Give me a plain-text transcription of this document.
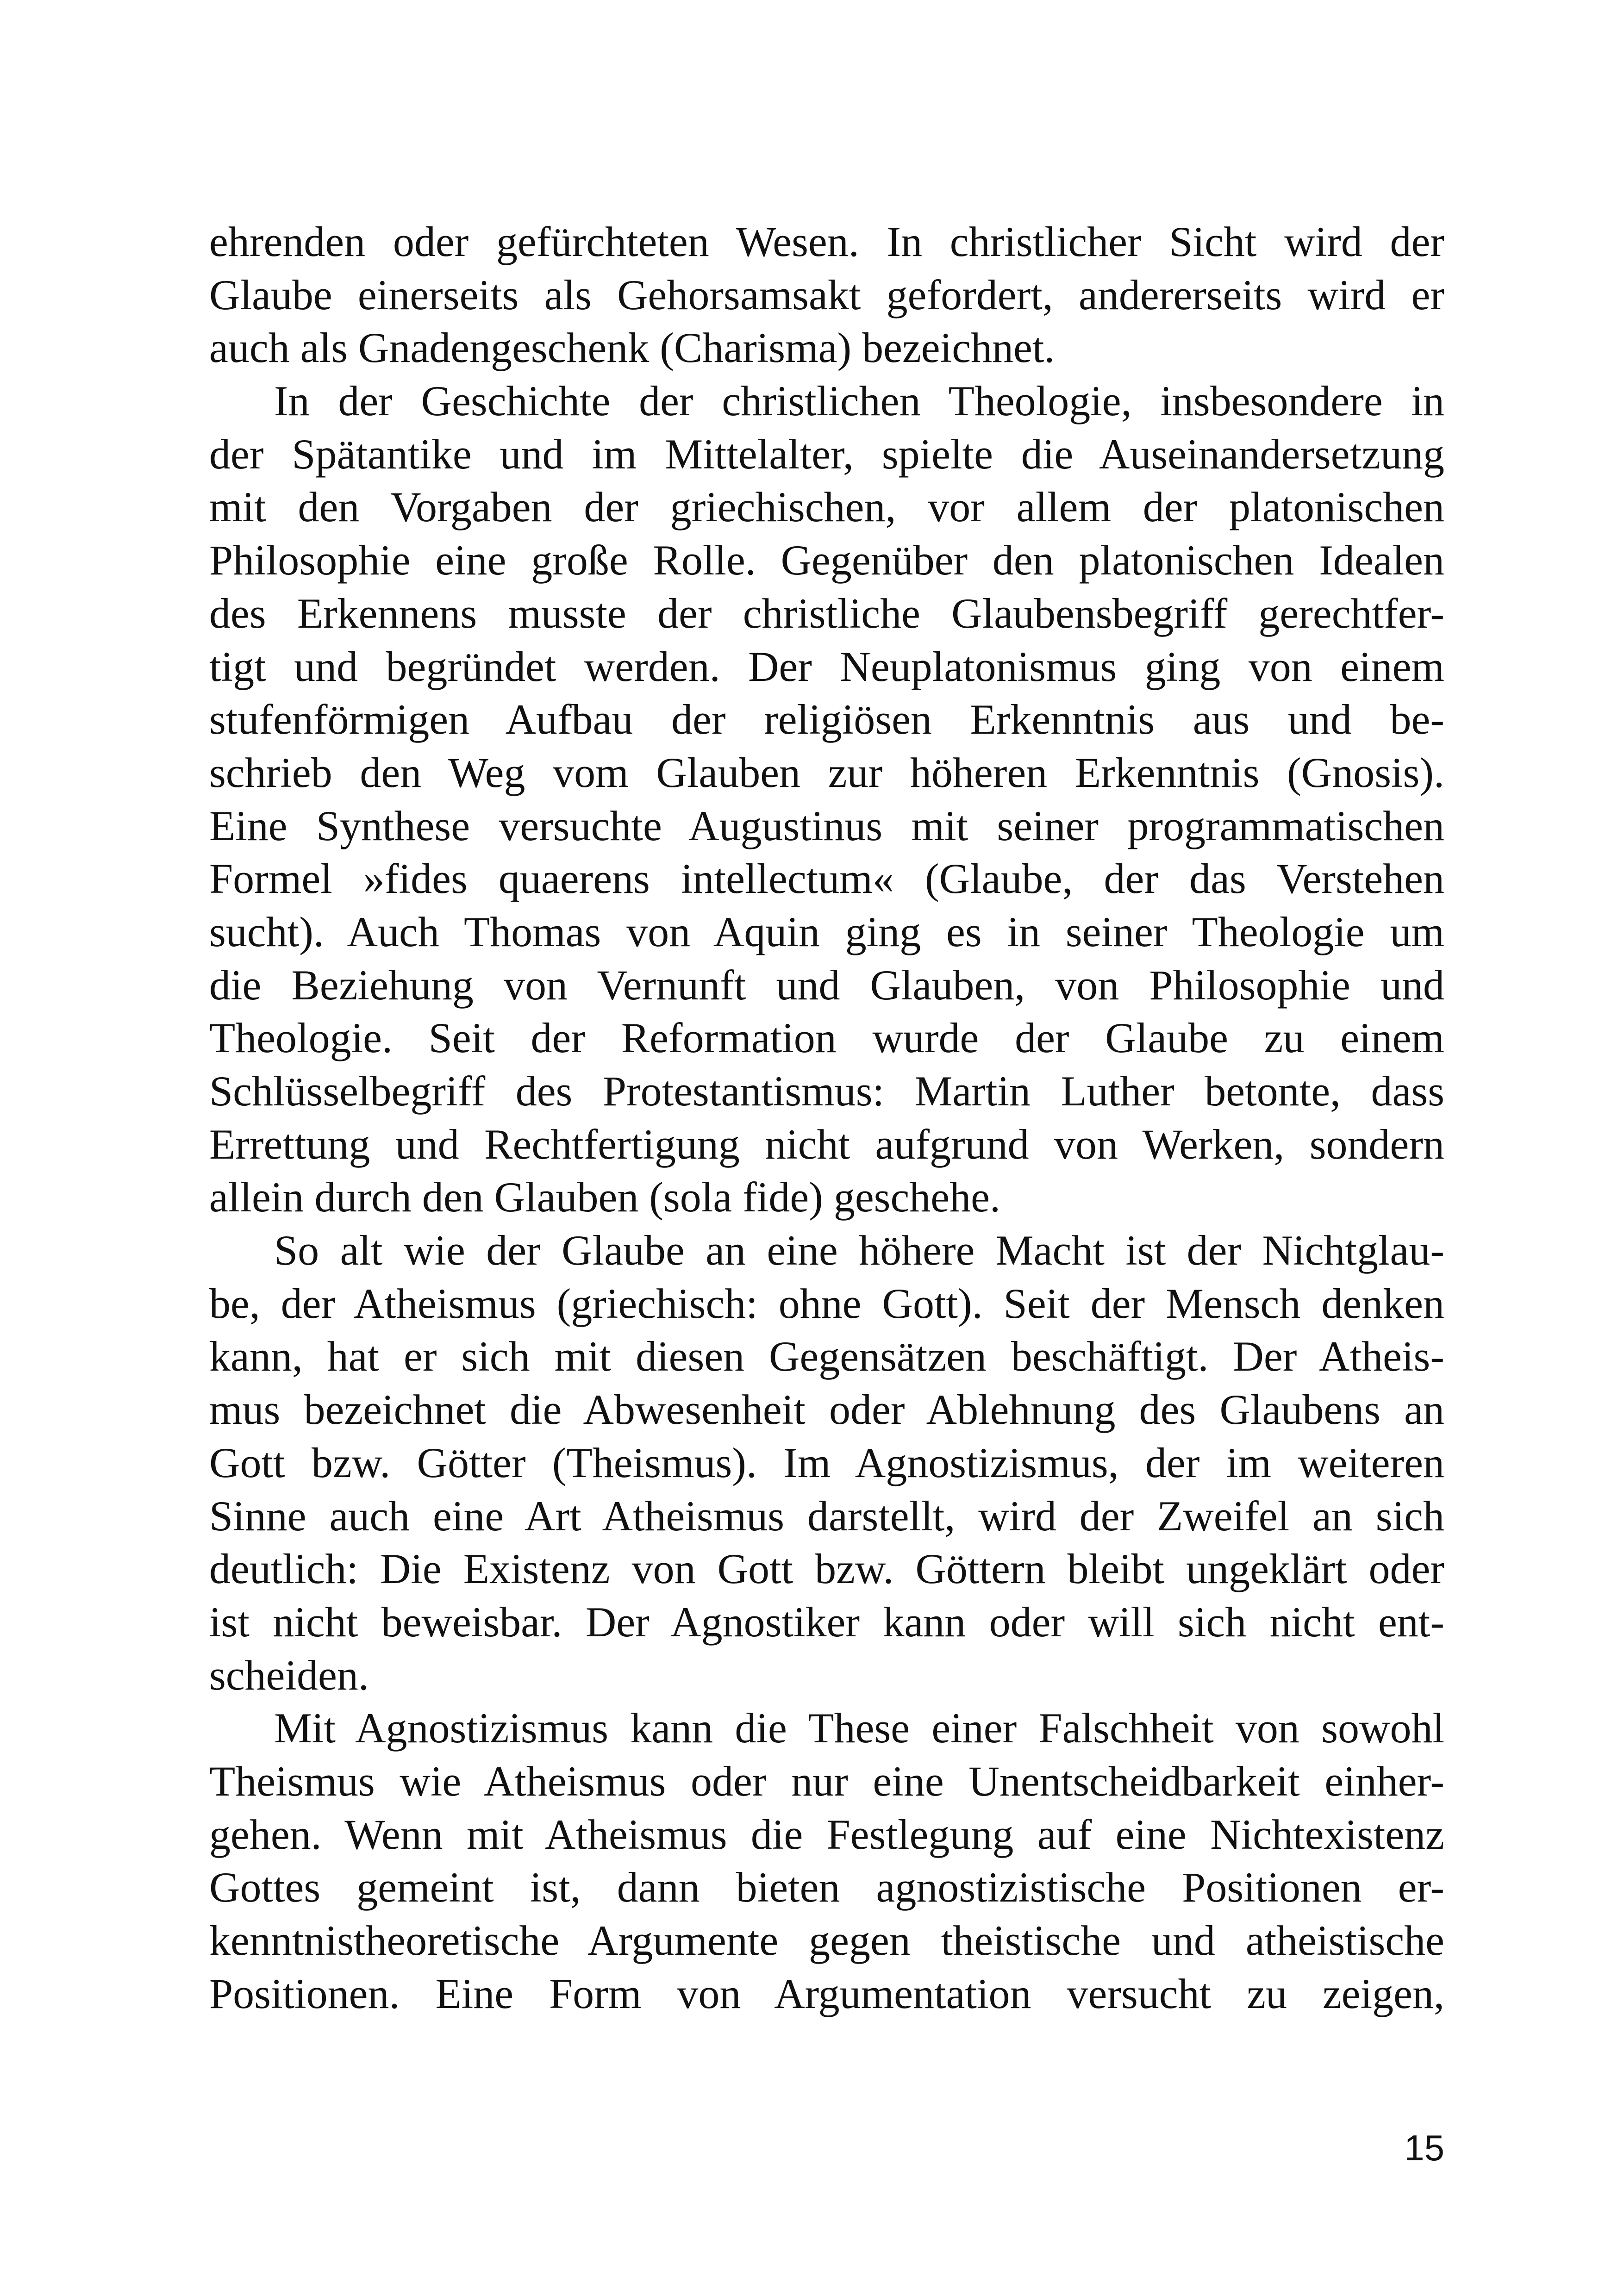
ehrenden oder gefürchteten Wesen. In christlicher Sicht wird der
Glaube einerseits als Gehorsamsakt gefordert, andererseits wird er
auch als Gnadengeschenk (Charisma) bezeichnet.
In der Geschichte der christlichen Theologie, insbesondere in
der Spätantike und im Mittelalter, spielte die Auseinandersetzung
mit den Vorgaben der griechischen, vor allem der platonischen
Philosophie eine große Rolle. Gegenüber den platonischen Idealen
des Erkennens musste der christliche Glaubensbegriff gerechtfer-
tigt und begründet werden. Der Neuplatonismus ging von einem
stufenförmigen Aufbau der religiösen Erkenntnis aus und be-
schrieb den Weg vom Glauben zur höheren Erkenntnis (Gnosis).
Eine Synthese versuchte Augustinus mit seiner programmatischen
Formel »fides quaerens intellectum« (Glaube, der das Verstehen
sucht). Auch Thomas von Aquin ging es in seiner Theologie um
die Beziehung von Vernunft und Glauben, von Philosophie und
Theologie. Seit der Reformation wurde der Glaube zu einem
Schlüsselbegriff des Protestantismus: Martin Luther betonte, dass
Errettung und Rechtfertigung nicht aufgrund von Werken, sondern
allein durch den Glauben (sola fide) geschehe.
So alt wie der Glaube an eine höhere Macht ist der Nichtglau-
be, der Atheismus (griechisch: ohne Gott). Seit der Mensch denken
kann, hat er sich mit diesen Gegensätzen beschäftigt. Der Atheis-
mus bezeichnet die Abwesenheit oder Ablehnung des Glaubens an
Gott bzw. Götter (Theismus). Im Agnostizismus, der im weiteren
Sinne auch eine Art Atheismus darstellt, wird der Zweifel an sich
deutlich: Die Existenz von Gott bzw. Göttern bleibt ungeklärt oder
ist nicht beweisbar. Der Agnostiker kann oder will sich nicht ent-
scheiden.
Mit Agnostizismus kann die These einer Falschheit von sowohl
Theismus wie Atheismus oder nur eine Unentscheidbarkeit einher-
gehen. Wenn mit Atheismus die Festlegung auf eine Nichtexistenz
Gottes gemeint ist, dann bieten agnostizistische Positionen er-
kenntnistheoretische Argumente gegen theistische und atheistische
Positionen. Eine Form von Argumentation versucht zu zeigen,
15
